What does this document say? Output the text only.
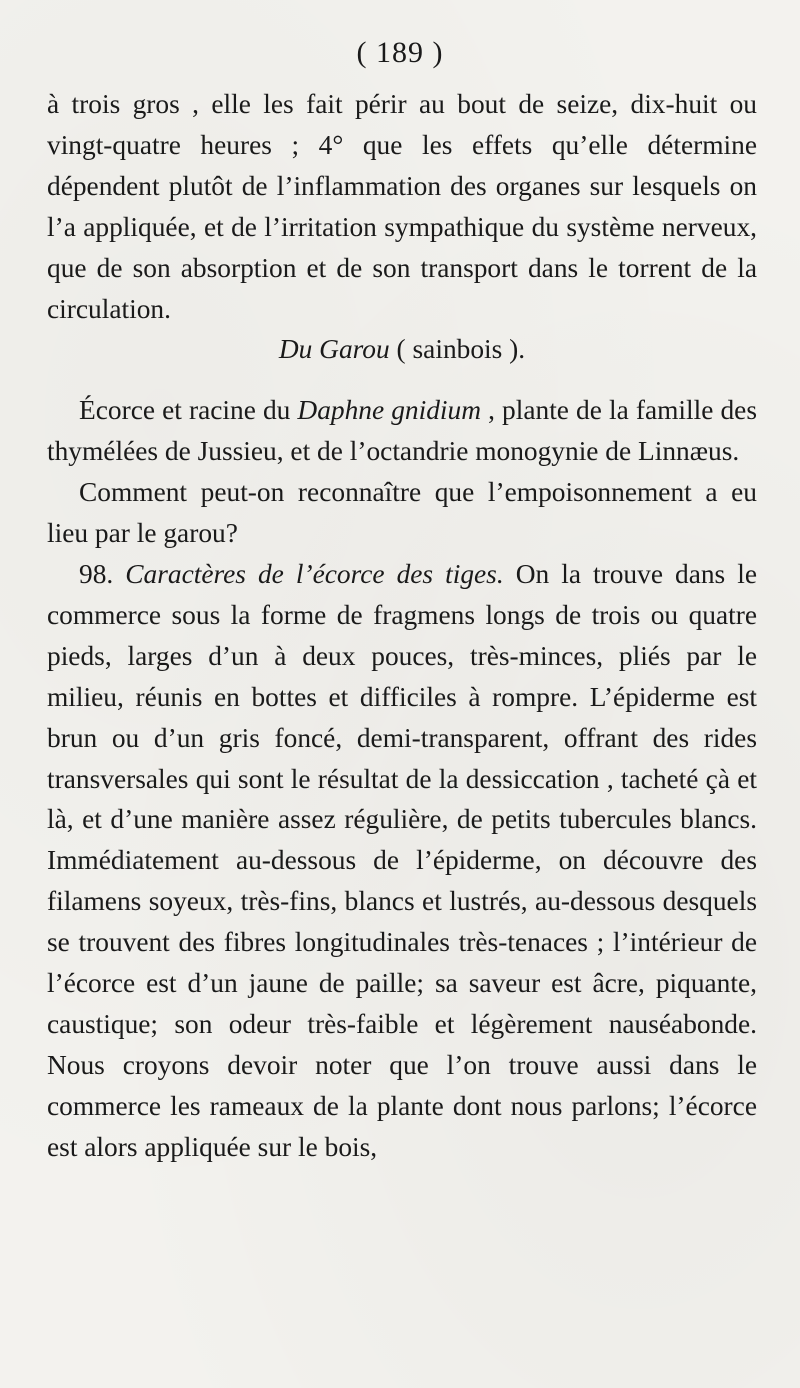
( 189 )

à trois gros , elle les fait périr au bout de seize, dix-huit ou vingt-quatre heures ; 4° que les effets qu’elle détermine dépendent plutôt de l’inflammation des organes sur lesquels on l’a appliquée, et de l’irritation sympathique du système nerveux, que de son absorption et de son transport dans le torrent de la circulation.

Du Garou ( sainbois ).

Écorce et racine du Daphne gnidium , plante de la famille des thymélées de Jussieu, et de l’octandrie monogynie de Linnæus.

Comment peut-on reconnaître que l’empoisonnement a eu lieu par le garou?

98. Caractères de l’écorce des tiges. On la trouve dans le commerce sous la forme de fragmens longs de trois ou quatre pieds, larges d’un à deux pouces, très-minces, pliés par le milieu, réunis en bottes et difficiles à rompre. L’épiderme est brun ou d’un gris foncé, demi-transparent, offrant des rides transversales qui sont le résultat de la dessiccation , tacheté çà et là, et d’une manière assez régulière, de petits tubercules blancs. Immédiatement au-dessous de l’épiderme, on découvre des filamens soyeux, très-fins, blancs et lustrés, au-dessous desquels se trouvent des fibres longitudinales très-tenaces ; l’intérieur de l’écorce est d’un jaune de paille; sa saveur est âcre, piquante, caustique; son odeur très-faible et légèrement nauséabonde. Nous croyons devoir noter que l’on trouve aussi dans le commerce les rameaux de la plante dont nous parlons; l’écorce est alors appliquée sur le bois,
